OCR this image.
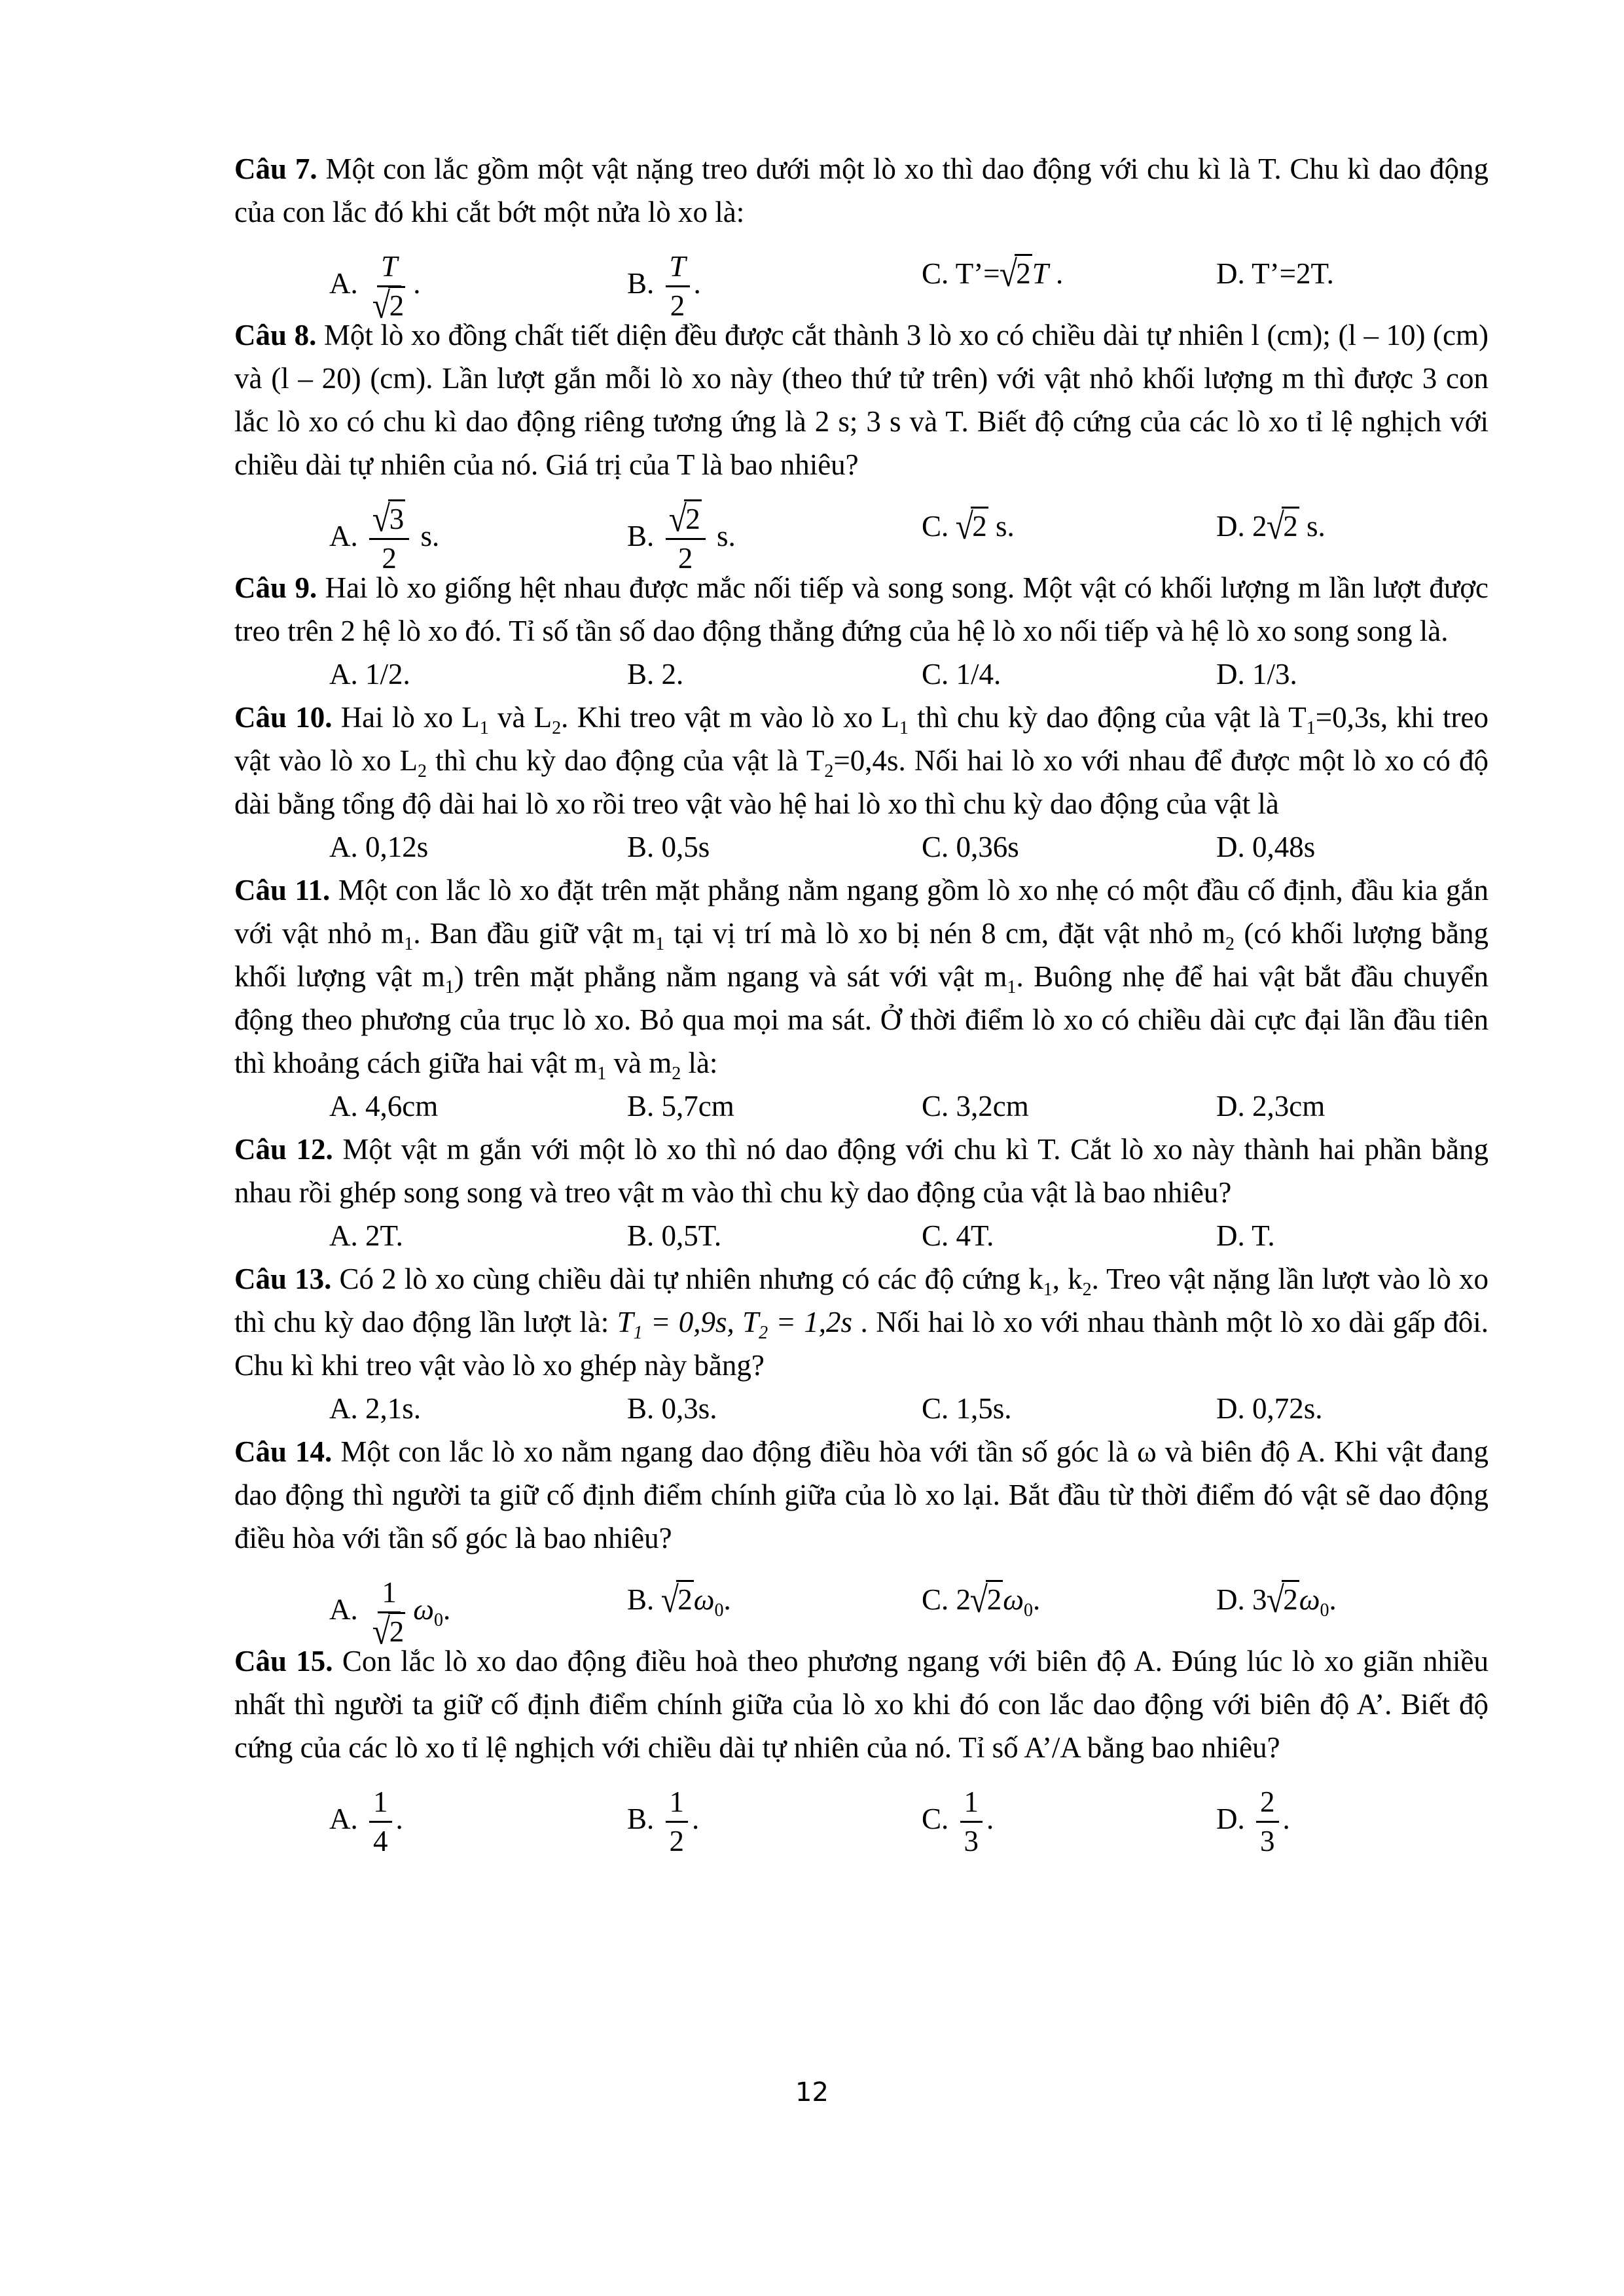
Câu 7. Một con lắc gồm một vật nặng treo dưới một lò xo thì dao động với chu kì là T. Chu kì dao động của con lắc đó khi cắt bớt một nửa lò xo là:

A. $\frac{T}{√2}$ .	B. $\frac{T}{2}$ .	C. T’=√2T .	D. T’=2T.

Câu 8. Một lò xo đồng chất tiết diện đều được cắt thành 3 lò xo có chiều dài tự nhiên l (cm); (l – 10) (cm) và (l – 20) (cm). Lần lượt gắn mỗi lò xo này (theo thứ tử trên) với vật nhỏ khối lượng m thì được 3 con lắc lò xo có chu kì dao động riêng tương ứng là 2 s; 3 s và T. Biết độ cứng của các lò xo tỉ lệ nghịch với chiều dài tự nhiên của nó. Giá trị của T là bao nhiêu?

A. $\frac{√3}{2} s$.	B. $\frac{√2}{2} s$.	C. √2 s.	D. 2√2 s.

Câu 9. Hai lò xo giống hệt nhau được mắc nối tiếp và song song. Một vật có khối lượng m lần lượt được treo trên 2 hệ lò xo đó. Tỉ số tần số dao động thẳng đứng của hệ lò xo nối tiếp và hệ lò xo song song là.

A. 1/2.	B. 2.	C. 1/4.	D. 1/3.

Câu 10. Hai lò xo $L_1$ và $L_2$. Khi treo vật m vào lò xo $L_1$ thì chu kỳ dao động của vật là $T_1=0,3s$, khi treo vật vào lò xo $L_2$ thì chu kỳ dao động của vật là $T_2=0,4s$. Nối hai lò xo với nhau để được một lò xo có độ dài bằng tổng độ dài hai lò xo rồi treo vật vào hệ hai lò xo thì chu kỳ dao động của vật là

A. 0,12s	B. 0,5s	C. 0,36s	D. 0,48s

Câu 11. Một con lắc lò xo đặt trên mặt phẳng nằm ngang gồm lò xo nhẹ có một đầu cố định, đầu kia gắn với vật nhỏ $m_1$. Ban đầu giữ vật $m_1$ tại vị trí mà lò xo bị nén 8 cm, đặt vật nhỏ $m_2$ (có khối lượng bằng khối lượng vật $m_1$) trên mặt phẳng nằm ngang và sát với vật $m_1$. Buông nhẹ để hai vật bắt đầu chuyển động theo phương của trục lò xo. Bỏ qua mọi ma sát. Ở thời điểm lò xo có chiều dài cực đại lần đầu tiên thì khoảng cách giữa hai vật $m_1$ và $m_2$ là:

A. 4,6cm	B. 5,7cm	C. 3,2cm	D. 2,3cm

Câu 12. Một vật m gắn với một lò xo thì nó dao động với chu kì T. Cắt lò xo này thành hai phần bằng nhau rồi ghép song song và treo vật m vào thì chu kỳ dao động của vật là bao nhiêu?

A. 2T.	B. 0,5T.	C. 4T.	D. T.

Câu 13. Có 2 lò xo cùng chiều dài tự nhiên nhưng có các độ cứng $k_1$, $k_2$. Treo vật nặng lần lượt vào lò xo thì chu kỳ dao động lần lượt là: $T_1 = 0,9s$, $T_2 = 1,2s$ . Nối hai lò xo với nhau thành một lò xo dài gấp đôi. Chu kì khi treo vật vào lò xo ghép này bằng?

A. 2,1s.	B. 0,3s.	C. 1,5s.	D. 0,72s.

Câu 14. Một con lắc lò xo nằm ngang dao động điều hòa với tần số góc là ω và biên độ A. Khi vật đang dao động thì người ta giữ cố định điểm chính giữa của lò xo lại. Bắt đầu từ thời điểm đó vật sẽ dao động điều hòa với tần số góc là bao nhiêu?

A. $\frac{1}{√2} \omega_0$.	B. $√2\omega_0$.	C. $2√2\omega_0$.	D. $3√2\omega_0$.

Câu 15. Con lắc lò xo dao động điều hoà theo phương ngang với biên độ A. Đúng lúc lò xo giãn nhiều nhất thì người ta giữ cố định điểm chính giữa của lò xo khi đó con lắc dao động với biên độ A’. Biết độ cứng của các lò xo tỉ lệ nghịch với chiều dài tự nhiên của nó. Tỉ số A’/A bằng bao nhiêu?

A. $\frac{1}{4}$ .	B. $\frac{1}{2}$ .	C. $\frac{1}{3}$ .	D. $\frac{2}{3}$ .
12
